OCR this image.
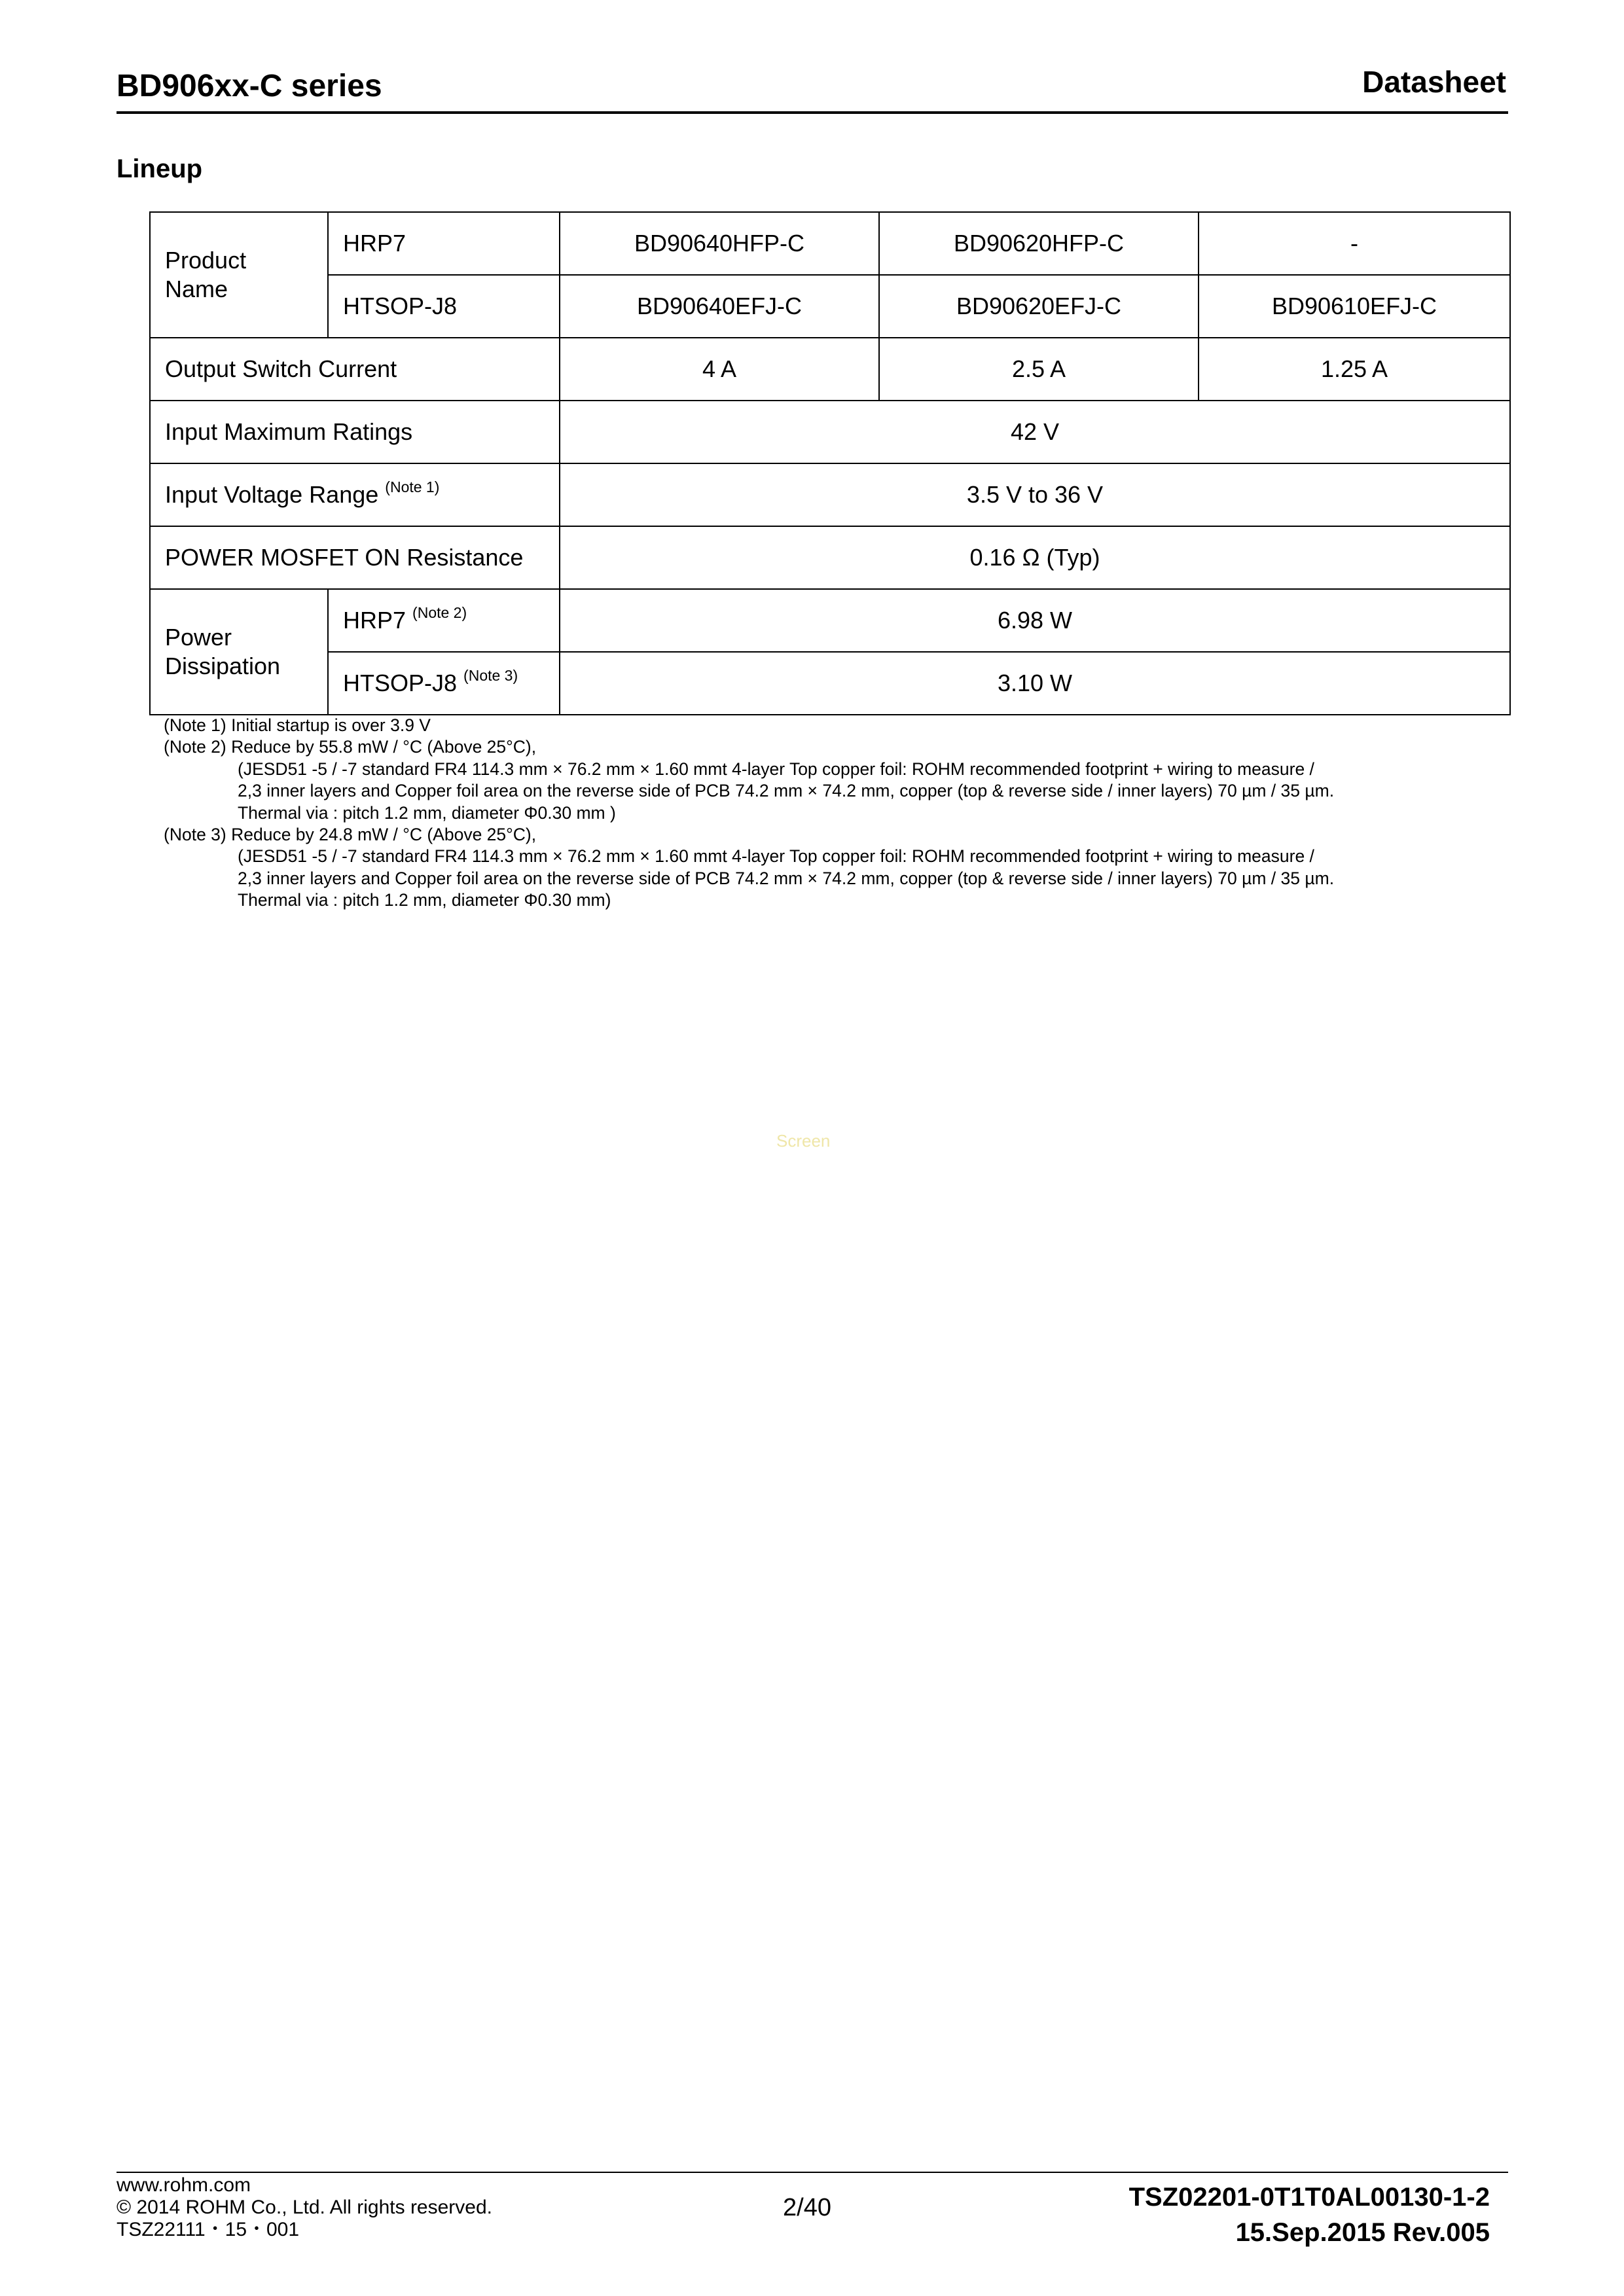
BD906xx-C series	Datasheet
Lineup
Product Name	HRP7	BD90640HFP-C	BD90620HFP-C	-
	HTSOP-J8	BD90640EFJ-C	BD90620EFJ-C	BD90610EFJ-C
Output Switch Current		4 A	2.5 A	1.25 A
Input Maximum Ratings		42 V		
Input Voltage Range $^{(Note 1)}$		3.5 V to 36 V		
POWER MOSFET ON Resistance		0.16 Ω (Typ)		
Power Dissipation	HRP7 $^{(Note 2)}$	6.98 W		
	HTSOP-J8 $^{(Note 3)}$	3.10 W		
(Note 1) Initial startup is over 3.9 V
(Note 2) Reduce by 55.8 mW / °C (Above 25°C),
(JESD51 -5 / -7 standard FR4 114.3 mm × 76.2 mm × 1.60 mmt 4-layer Top copper foil: ROHM recommended footprint + wiring to measure /
2,3 inner layers and Copper foil area on the reverse side of PCB 74.2 mm × 74.2 mm, copper (top & reverse side / inner layers) 70 µm / 35 µm.
Thermal via : pitch 1.2 mm, diameter Φ0.30 mm )
(Note 3) Reduce by 24.8 mW / °C (Above 25°C),
(JESD51 -5 / -7 standard FR4 114.3 mm × 76.2 mm × 1.60 mmt 4-layer Top copper foil: ROHM recommended footprint + wiring to measure /
2,3 inner layers and Copper foil area on the reverse side of PCB 74.2 mm × 74.2 mm, copper (top & reverse side / inner layers) 70 µm / 35 µm.
Thermal via : pitch 1.2 mm, diameter Φ0.30 mm)
Screen
www.rohm.com
© 2014 ROHM Co., Ltd. All rights reserved.
TSZ22111・15・001
2/40	TSZ02201-0T1T0AL00130-1-2
15.Sep.2015 Rev.005
